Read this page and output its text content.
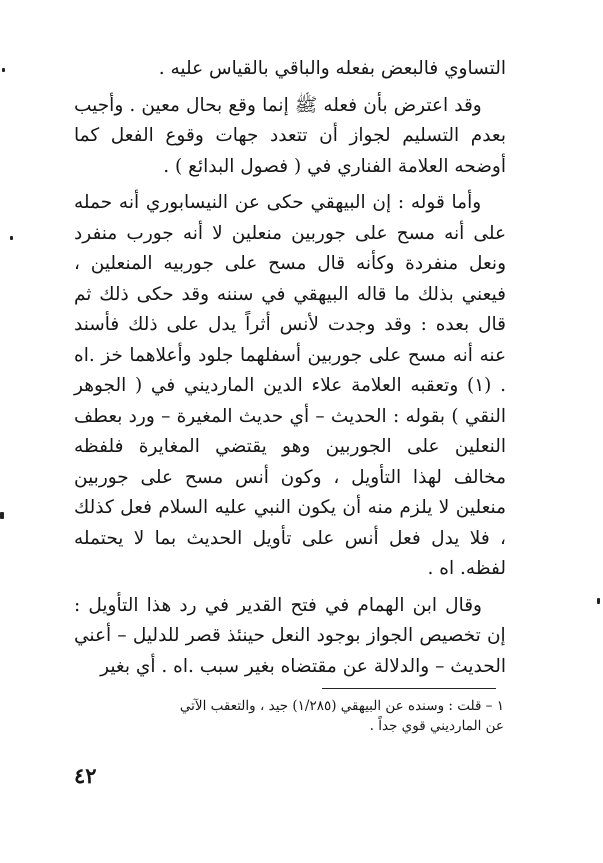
التساوي فالبعض بفعله والباقي بالقياس عليه .

وقد اعترض بأن فعله ﷺ إنما وقع بحال معين . وأجيب بعدم التسليم لجواز أن تتعدد جهات وقوع الفعل كما أوضحه العلامة الفناري في ( فصول البدائع ) .

وأما قوله : إن البيهقي حكى عن النيسابوري أنه حمله على أنه مسح على جوربين منعلين لا أنه جورب منفرد ونعل منفردة وكأنه قال مسح على جوربيه المنعلين ، فيعني بذلك ما قاله البيهقي في سننه وقد حكى ذلك ثم قال بعده : وقد وجدت لأنس أثراً يدل على ذلك فأسند عنه أنه مسح على جوربين أسفلهما جلود وأعلاهما خز .اه . (١) وتعقبه العلامة علاء الدين المارديني في ( الجوهر النقي ) بقوله : الحديث – أي حديث المغيرة – ورد بعطف النعلين على الجوربين وهو يقتضي المغايرة فلفظه مخالف لهذا التأويل ، وكون أنس مسح على جوربين منعلين لا يلزم منه أن يكون النبي عليه السلام فعل كذلك ، فلا يدل فعل أنس على تأويل الحديث بما لا يحتمله لفظه. اه .

وقال ابن الهمام في فتح القدير في رد هذا التأويل : إن تخصيص الجواز بوجود النعل حينئذ قصر للدليل – أعني الحديث – والدلالة عن مقتضاه بغير سبب .اه . أي بغير

١ – قلت : وسنده عن البيهقي (١/٢٨٥) جيد ، والتعقب الآتي

عن المارديني قوي جداً .

٤٢
